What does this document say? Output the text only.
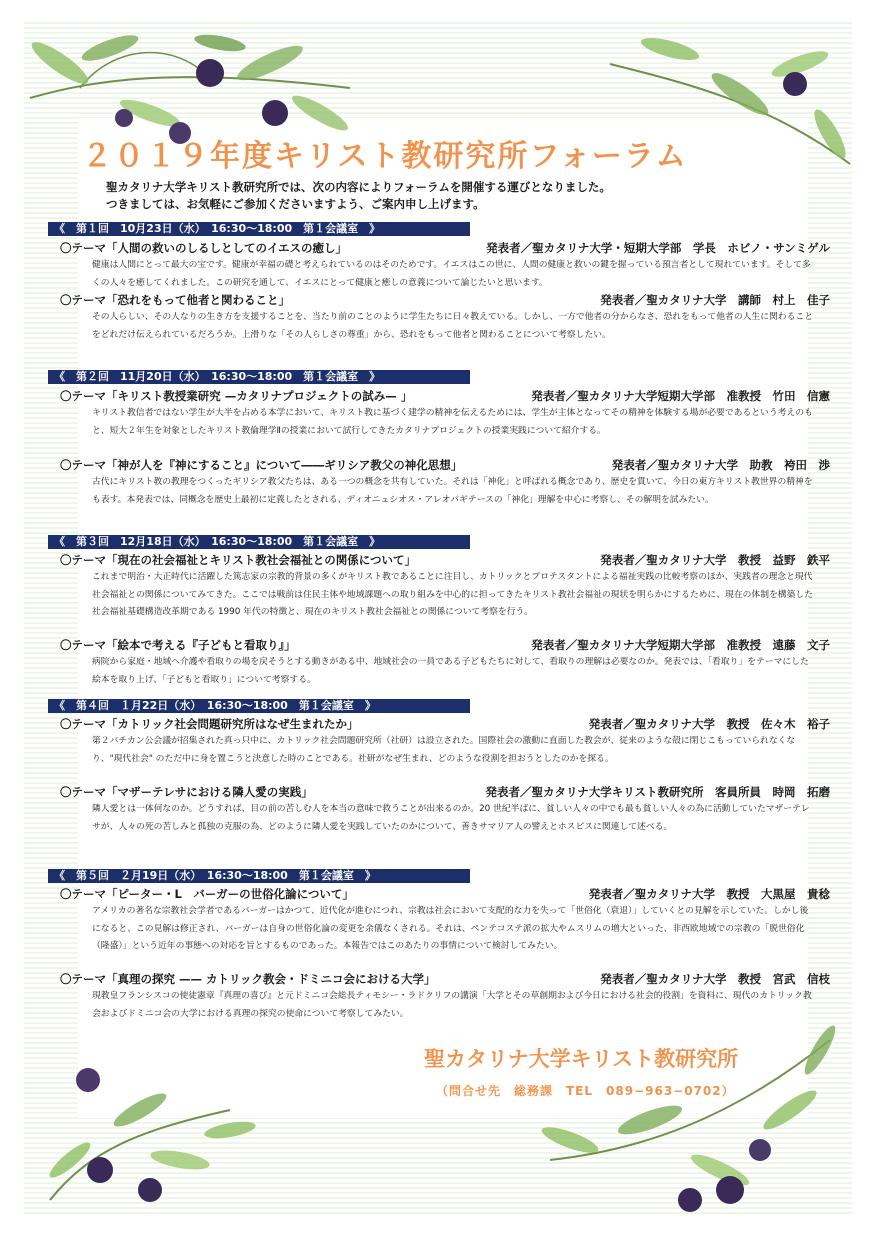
２０１９年度キリスト教研究所フォーラム
聖カタリナ大学キリスト教研究所では、次の内容によりフォーラムを開催する運びとなりました。
つきましては、お気軽にご参加くださいますよう、ご案内申し上げます。
《　第１回　10月23日（水）　16:30〜18:00　第１会議室　》
〇テーマ「人間の救いのしるしとしてのイエスの癒し」	発表者／聖カタリナ大学・短期大学部　学長　ホビノ・サンミゲル
健康は人間にとって最大の宝です。健康が幸福の礎と考えられているのはそのためです。イエスはこの世に、人間の健康と救いの鍵を握っている預言者として現れています。そして多くの人々を癒してくれました。この研究を通して、イエスにとって健康と癒しの意義について論じたいと思います。
〇テーマ「恐れをもって他者と関わること」	発表者／聖カタリナ大学　講師　村上　佳子
その人らしい、その人なりの生き方を支援することを、当たり前のことのように学生たちに日々教えている。しかし、一方で他者の分からなさ、恐れをもって他者の人生に関わることをどれだけ伝えられているだろうか。上滑りな「その人らしさの尊重」から、恐れをもって他者と関わることについて考察したい。
《　第２回　11月20日（水）　16:30〜18:00　第１会議室　》
〇テーマ「キリスト教授業研究 —カタリナプロジェクトの試み— 」	発表者／聖カタリナ大学短期大学部　准教授　竹田　信憲
キリスト教信者ではない学生が大半を占める本学において、キリスト教に基づく建学の精神を伝えるためには、学生が主体となってその精神を体験する場が必要であるという考えのもと、短大２年生を対象としたキリスト教倫理学Ⅱの授業において試行してきたカタリナプロジェクトの授業実践について紹介する。
〇テーマ「神が人を『神にすること』について――ギリシア教父の神化思想」	発表者／聖カタリナ大学　助教　袴田　渉
古代にキリスト教の教理をつくったギリシア教父たちは、ある一つの概念を共有していた。それは「神化」と呼ばれる概念であり、歴史を貫いて、今日の東方キリスト教世界の精神をも表す。本発表では、同概念を歴史上最初に定義したとされる、ディオニュシオス・アレオパギテースの「神化」理解を中心に考察し、その解明を試みたい。
《　第３回　12月18日（水）　16:30〜18:00　第１会議室　》
〇テーマ「現在の社会福祉とキリスト教社会福祉との関係について」	発表者／聖カタリナ大学　教授　益野　鉄平
これまで明治・大正時代に活躍した篤志家の宗教的背景の多くがキリスト教であることに注目し、カトリックとプロテスタントによる福祉実践の比較考察のほか、実践者の理念と現代社会福祉との関係についてみてきた。ここでは戦前は住民主体や地域課題への取り組みを中心的に担ってきたキリスト教社会福祉の現状を明らかにするために、現在の体制を構築した社会福祉基礎構造改革期である 1990 年代の特徴と、現在のキリスト教社会福祉との関係について考察を行う。
〇テーマ「絵本で考える『子どもと看取り』」	発表者／聖カタリナ大学短期大学部　准教授　遠藤　文子
病院から家庭・地域へ介護や看取りの場を戻そうとする動きがある中、地域社会の一員である子どもたちに対して、看取りの理解は必要なのか。発表では、「看取り」をテーマにした絵本を取り上げ、「子どもと看取り」について考察する。
《　第４回　１月22日（水）　16:30〜18:00　第１会議室　》
〇テーマ「カトリック社会問題研究所はなぜ生まれたか」	発表者／聖カタリナ大学　教授　佐々木　裕子
第２バチカン公会議が招集された真っ只中に、カトリック社会問題研究所（社研）は設立された。国際社会の激動に直面した教会が、従来のような殻に閉じこもっていられなくなり、"現代社会" のただ中に身を置こうと決意した時のことである。社研がなぜ生まれ、どのような役割を担おうとしたのかを探る。
〇テーマ「マザーテレサにおける隣人愛の実践」	発表者／聖カタリナ大学キリスト教研究所　客員所員　時岡　拓磨
隣人愛とは一体何なのか。どうすれば、目の前の苦しむ人を本当の意味で救うことが出来るのか。20 世紀半ばに、貧しい人々の中でも最も貧しい人々の為に活動していたマザーテレサが、人々の死の苦しみと孤独の克服の為、どのように隣人愛を実践していたのかについて、善きサマリア人の譬えとホスピスに関連して述べる。
《　第５回　２月19日（水）　16:30〜18:00　第１会議室　》
〇テーマ「ピーター・L　バーガーの世俗化論について」	発表者／聖カタリナ大学　教授　大黒屋　貴稔
アメリカの著名な宗教社会学者であるバーガーはかつて、近代化が進むにつれ、宗教は社会において支配的な力を失って「世俗化（衰退）」していくとの見解を示していた。しかし後になると、この見解は修正され、バーガーは自身の世俗化論の変更を余儀なくされる。それは、ペンテコステ派の拡大やムスリムの増大といった、非西欧地域での宗教の「脱世俗化（隆盛）」という近年の事態への対応を旨とするものであった。本報告ではこのあたりの事情について検討してみたい。
〇テーマ「真理の探究 —— カトリック教会・ドミニコ会における大学」	発表者／聖カタリナ大学　教授　宮武　信枝
現教皇フランシスコの使徒憲章『真理の喜び』と元ドミニコ会総長ティモシー・ラドクリフの講演「大学とその草創期および今日における社会的役割」を資料に、現代のカトリック教会およびドミニコ会の大学における真理の探究の使命について考察してみたい。
聖カタリナ大学キリスト教研究所
（問合せ先　総務課　TEL　089−963−0702）
